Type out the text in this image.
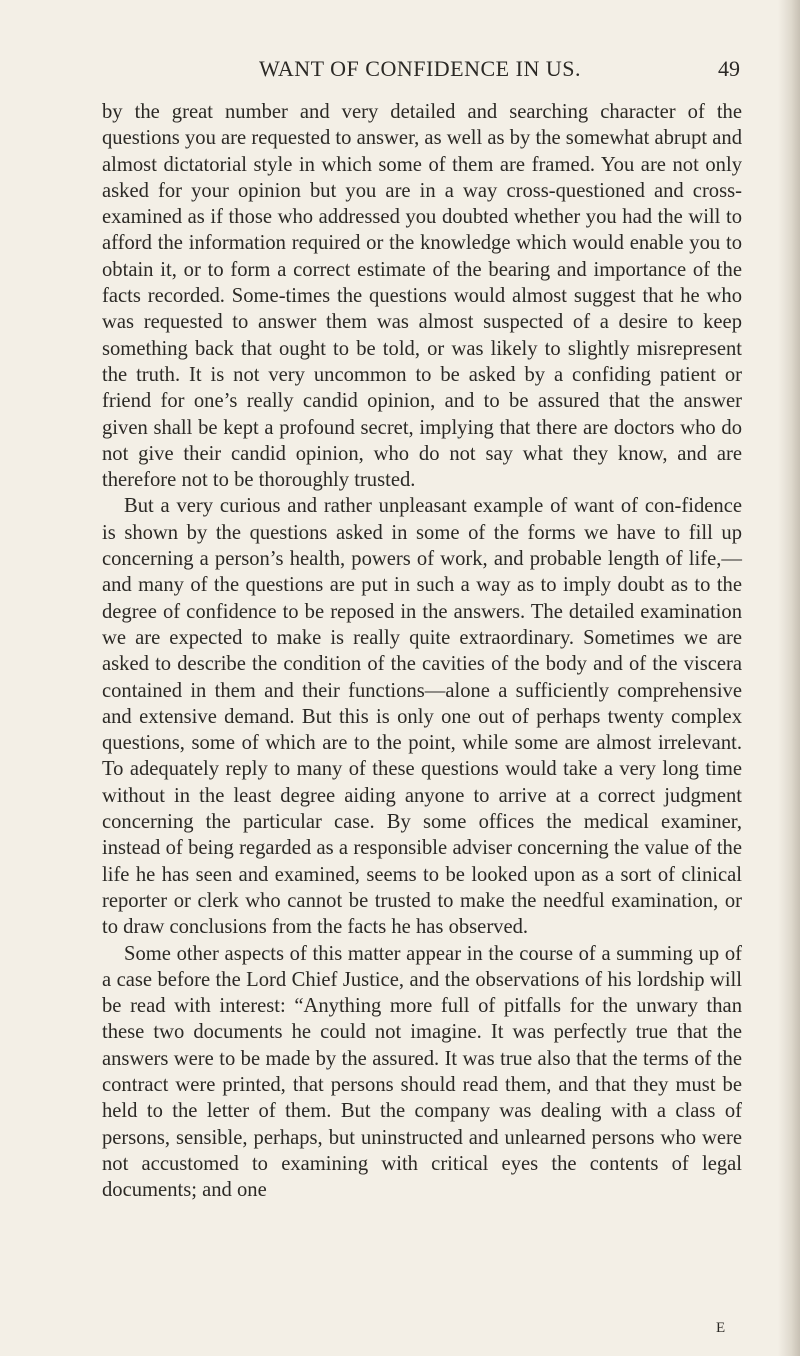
WANT OF CONFIDENCE IN US.	49

by the great number and very detailed and searching character of the questions you are requested to answer, as well as by the somewhat abrupt and almost dictatorial style in which some of them are framed. You are not only asked for your opinion but you are in a way cross-questioned and cross-examined as if those who addressed you doubted whether you had the will to afford the information required or the knowledge which would enable you to obtain it, or to form a correct estimate of the bearing and importance of the facts recorded. Some-times the questions would almost suggest that he who was requested to answer them was almost suspected of a desire to keep something back that ought to be told, or was likely to slightly misrepresent the truth. It is not very uncommon to be asked by a confiding patient or friend for one’s really candid opinion, and to be assured that the answer given shall be kept a profound secret, implying that there are doctors who do not give their candid opinion, who do not say what they know, and are therefore not to be thoroughly trusted.

But a very curious and rather unpleasant example of want of con-fidence is shown by the questions asked in some of the forms we have to fill up concerning a person’s health, powers of work, and probable length of life,—and many of the questions are put in such a way as to imply doubt as to the degree of confidence to be reposed in the answers. The detailed examination we are expected to make is really quite extraordinary. Sometimes we are asked to describe the condition of the cavities of the body and of the viscera contained in them and their functions—alone a sufficiently comprehensive and extensive demand. But this is only one out of perhaps twenty complex questions, some of which are to the point, while some are almost irrelevant. To adequately reply to many of these questions would take a very long time without in the least degree aiding anyone to arrive at a correct judgment concerning the particular case. By some offices the medical examiner, instead of being regarded as a responsible adviser concerning the value of the life he has seen and examined, seems to be looked upon as a sort of clinical reporter or clerk who cannot be trusted to make the needful examination, or to draw conclusions from the facts he has observed.

Some other aspects of this matter appear in the course of a summing up of a case before the Lord Chief Justice, and the observations of his lordship will be read with interest: “Anything more full of pitfalls for the unwary than these two documents he could not imagine. It was perfectly true that the answers were to be made by the assured. It was true also that the terms of the contract were printed, that persons should read them, and that they must be held to the letter of them. But the company was dealing with a class of persons, sensible, perhaps, but uninstructed and unlearned persons who were not accustomed to examining with critical eyes the contents of legal documents; and one

E
